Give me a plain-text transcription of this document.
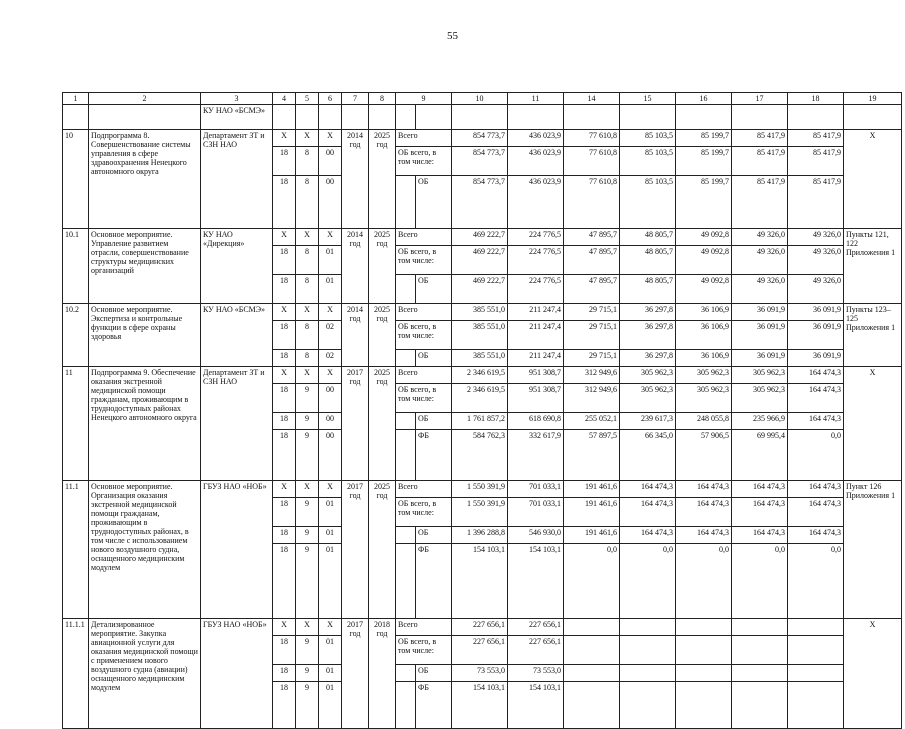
55
1	2	3	4	5	6	7	8	9		10	11	14	15	16	17	18	19
		КУ НАО «БСМЭ»															
10	Подпрограмма 8. Совершенствование системы управления в сфере здравоохранения Ненецкого автономного округа	Департамент ЗТ и СЗН НАО	Х	Х	Х	2014 год	2025 год	Всего		854 773,7	436 023,9	77 610,8	85 103,5	85 199,7	85 417,9	85 417,9	Х
			18	8	00			ОБ всего, в том числе:		854 773,7	436 023,9	77 610,8	85 103,5	85 199,7	85 417,9	85 417,9	
			18	8	00				ОБ	854 773,7	436 023,9	77 610,8	85 103,5	85 199,7	85 417,9	85 417,9	
10.1	Основное мероприятие. Управление развитием отрасли, совершенствование структуры медицинских организаций	КУ НАО «Дирекция»	Х	Х	Х	2014 год	2025 год	Всего		469 222,7	224 776,5	47 895,7	48 805,7	49 092,8	49 326,0	49 326,0	Пункты 121, 122 Приложения 1
			18	8	01			ОБ всего, в том числе:		469 222,7	224 776,5	47 895,7	48 805,7	49 092,8	49 326,0	49 326,0	
			18	8	01				ОБ	469 222,7	224 776,5	47 895,7	48 805,7	49 092,8	49 326,0	49 326,0	
10.2	Основное мероприятие. Экспертиза и контрольные функции в сфере охраны здоровья	КУ НАО «БСМЭ»	Х	Х	Х	2014 год	2025 год	Всего		385 551,0	211 247,4	29 715,1	36 297,8	36 106,9	36 091,9	36 091,9	Пункты 123–125 Приложения 1
			18	8	02			ОБ всего, в том числе:		385 551,0	211 247,4	29 715,1	36 297,8	36 106,9	36 091,9	36 091,9	
			18	8	02				ОБ	385 551,0	211 247,4	29 715,1	36 297,8	36 106,9	36 091,9	36 091,9	
11	Подпрограмма 9. Обеспечение оказания экстренной медицинской помощи гражданам, проживающим в труднодоступных районах Ненецкого автономного округа	Департамент ЗТ и СЗН НАО	Х	Х	Х	2017 год	2025 год	Всего		2 346 619,5	951 308,7	312 949,6	305 962,3	305 962,3	305 962,3	164 474,3	Х
			18	9	00			ОБ всего, в том числе:		2 346 619,5	951 308,7	312 949,6	305 962,3	305 962,3	305 962,3	164 474,3	
			18	9	00				ОБ	1 761 857,2	618 690,8	255 052,1	239 617,3	248 055,8	235 966,9	164 474,3	
			18	9	00				ФБ	584 762,3	332 617,9	57 897,5	66 345,0	57 906,5	69 995,4	0,0	
11.1	Основное мероприятие. Организация оказания экстренной медицинской помощи гражданам, проживающим в труднодоступных районах, в том числе с использованием нового воздушного судна, оснащенного медицинским модулем	ГБУЗ НАО «НОБ»	Х	Х	Х	2017 год	2025 год	Всего		1 550 391,9	701 033,1	191 461,6	164 474,3	164 474,3	164 474,3	164 474,3	Пункт 126 Приложения 1
			18	9	01			ОБ всего, в том числе:		1 550 391,9	701 033,1	191 461,6	164 474,3	164 474,3	164 474,3	164 474,3	
			18	9	01				ОБ	1 396 288,8	546 930,0	191 461,6	164 474,3	164 474,3	164 474,3	164 474,3	
			18	9	01				ФБ	154 103,1	154 103,1	0,0	0,0	0,0	0,0	0,0	
11.1.1	Детализированное мероприятие. Закупка авиационной услуги для оказания медицинской помощи с применением нового воздушного судна (авиации) оснащенного медицинским модулем	ГБУЗ НАО «НОБ»	Х	Х	Х	2017 год	2018 год	Всего		227 656,1	227 656,1						Х
			18	9	01			ОБ всего, в том числе:		227 656,1	227 656,1						
			18	9	01				ОБ	73 553,0	73 553,0						
			18	9	01				ФБ	154 103,1	154 103,1						
